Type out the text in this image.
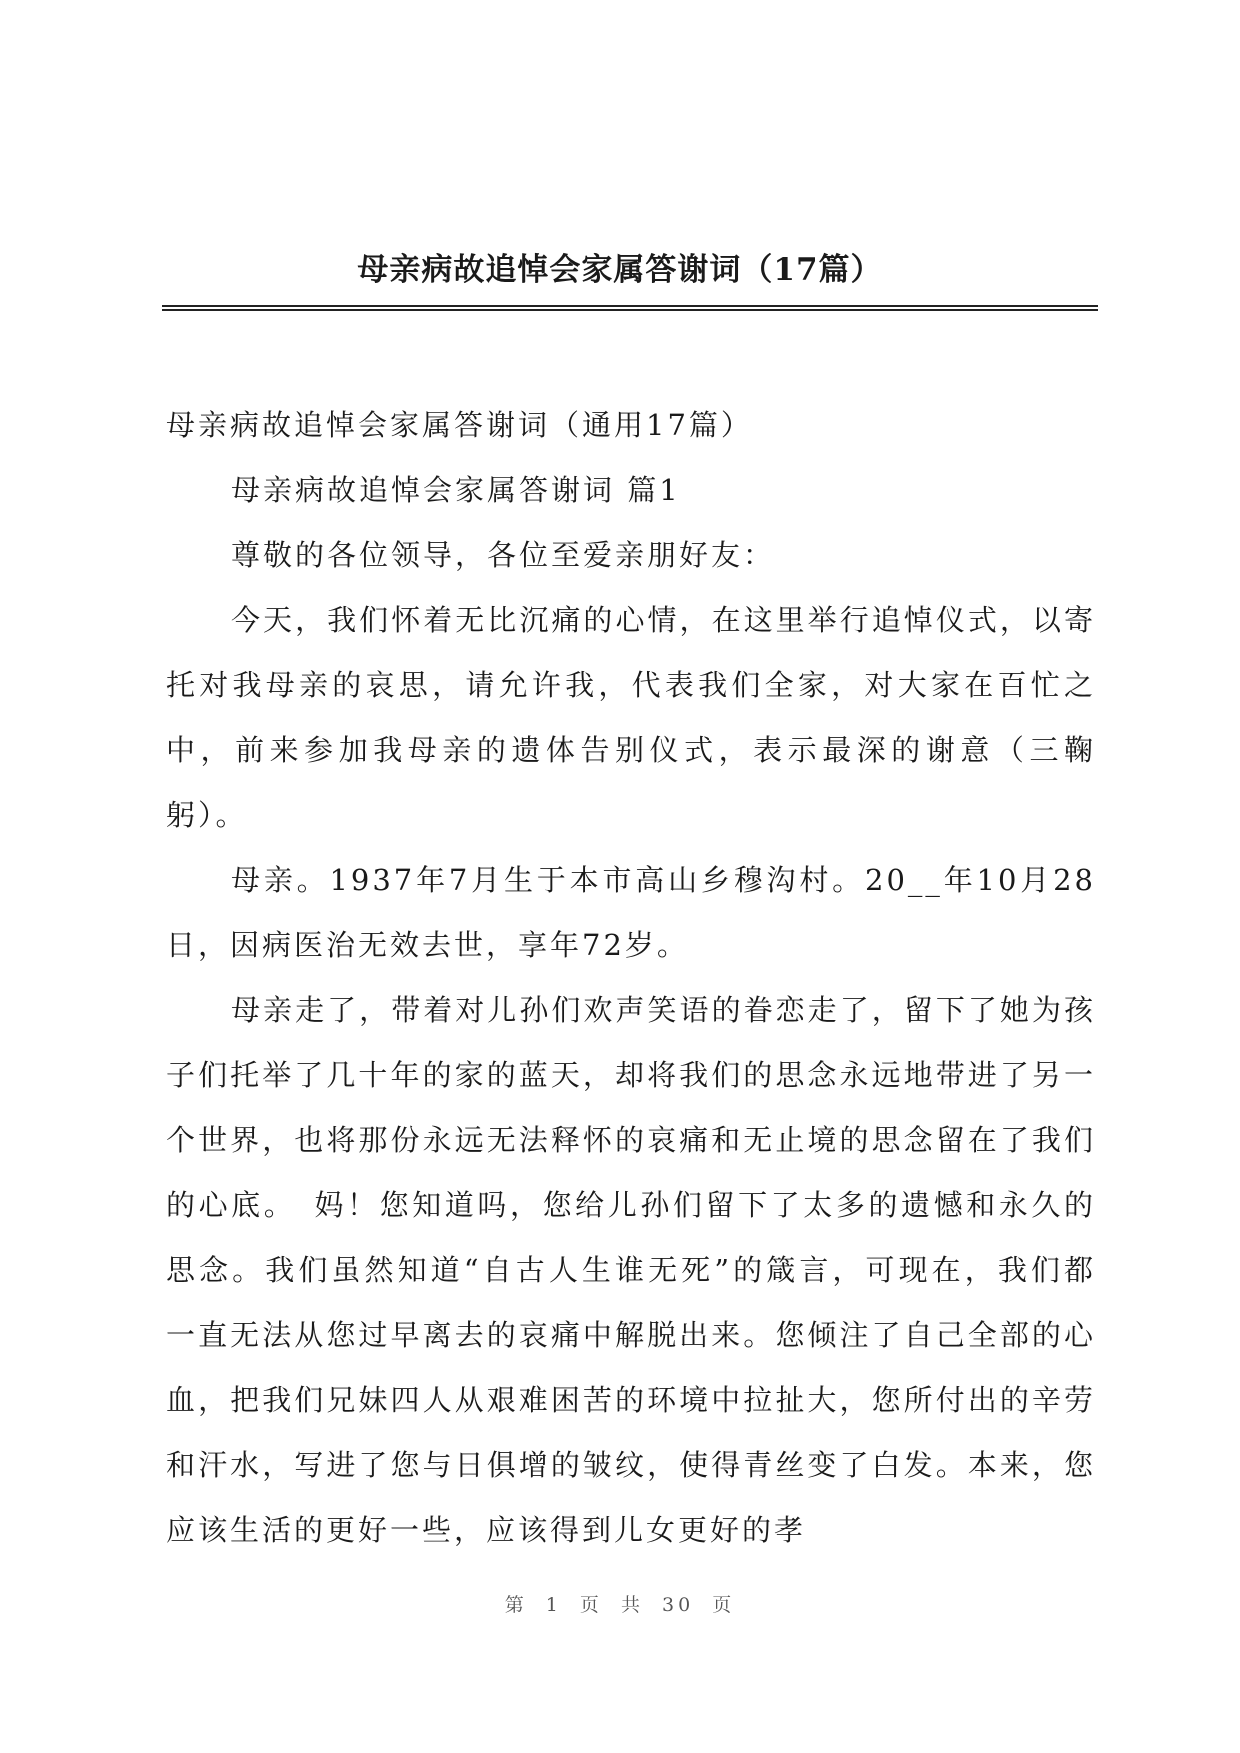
母亲病故追悼会家属答谢词（17篇）

母亲病故追悼会家属答谢词（通用17篇）

母亲病故追悼会家属答谢词 篇1

尊敬的各位领导，各位至爱亲朋好友：

今天，我们怀着无比沉痛的心情，在这里举行追悼仪式，以寄托对我母亲的哀思，请允许我，代表我们全家，对大家在百忙之中，前来参加我母亲的遗体告别仪式，表示最深的谢意（三鞠躬）。

母亲。1937年7月生于本市高山乡穆沟村。20__年10月28日，因病医治无效去世，享年72岁。

母亲走了，带着对儿孙们欢声笑语的眷恋走了，留下了她为孩子们托举了几十年的家的蓝天，却将我们的思念永远地带进了另一个世界，也将那份永远无法释怀的哀痛和无止境的思念留在了我们的心底。　妈！您知道吗，您给儿孙们留下了太多的遗憾和永久的思念。我们虽然知道“自古人生谁无死”的箴言，可现在，我们都一直无法从您过早离去的哀痛中解脱出来。您倾注了自己全部的心血，把我们兄妹四人从艰难困苦的环境中拉扯大，您所付出的辛劳和汗水，写进了您与日俱增的皱纹，使得青丝变了白发。本来，您应该生活的更好一些，应该得到儿女更好的孝

第 1 页 共 30 页
